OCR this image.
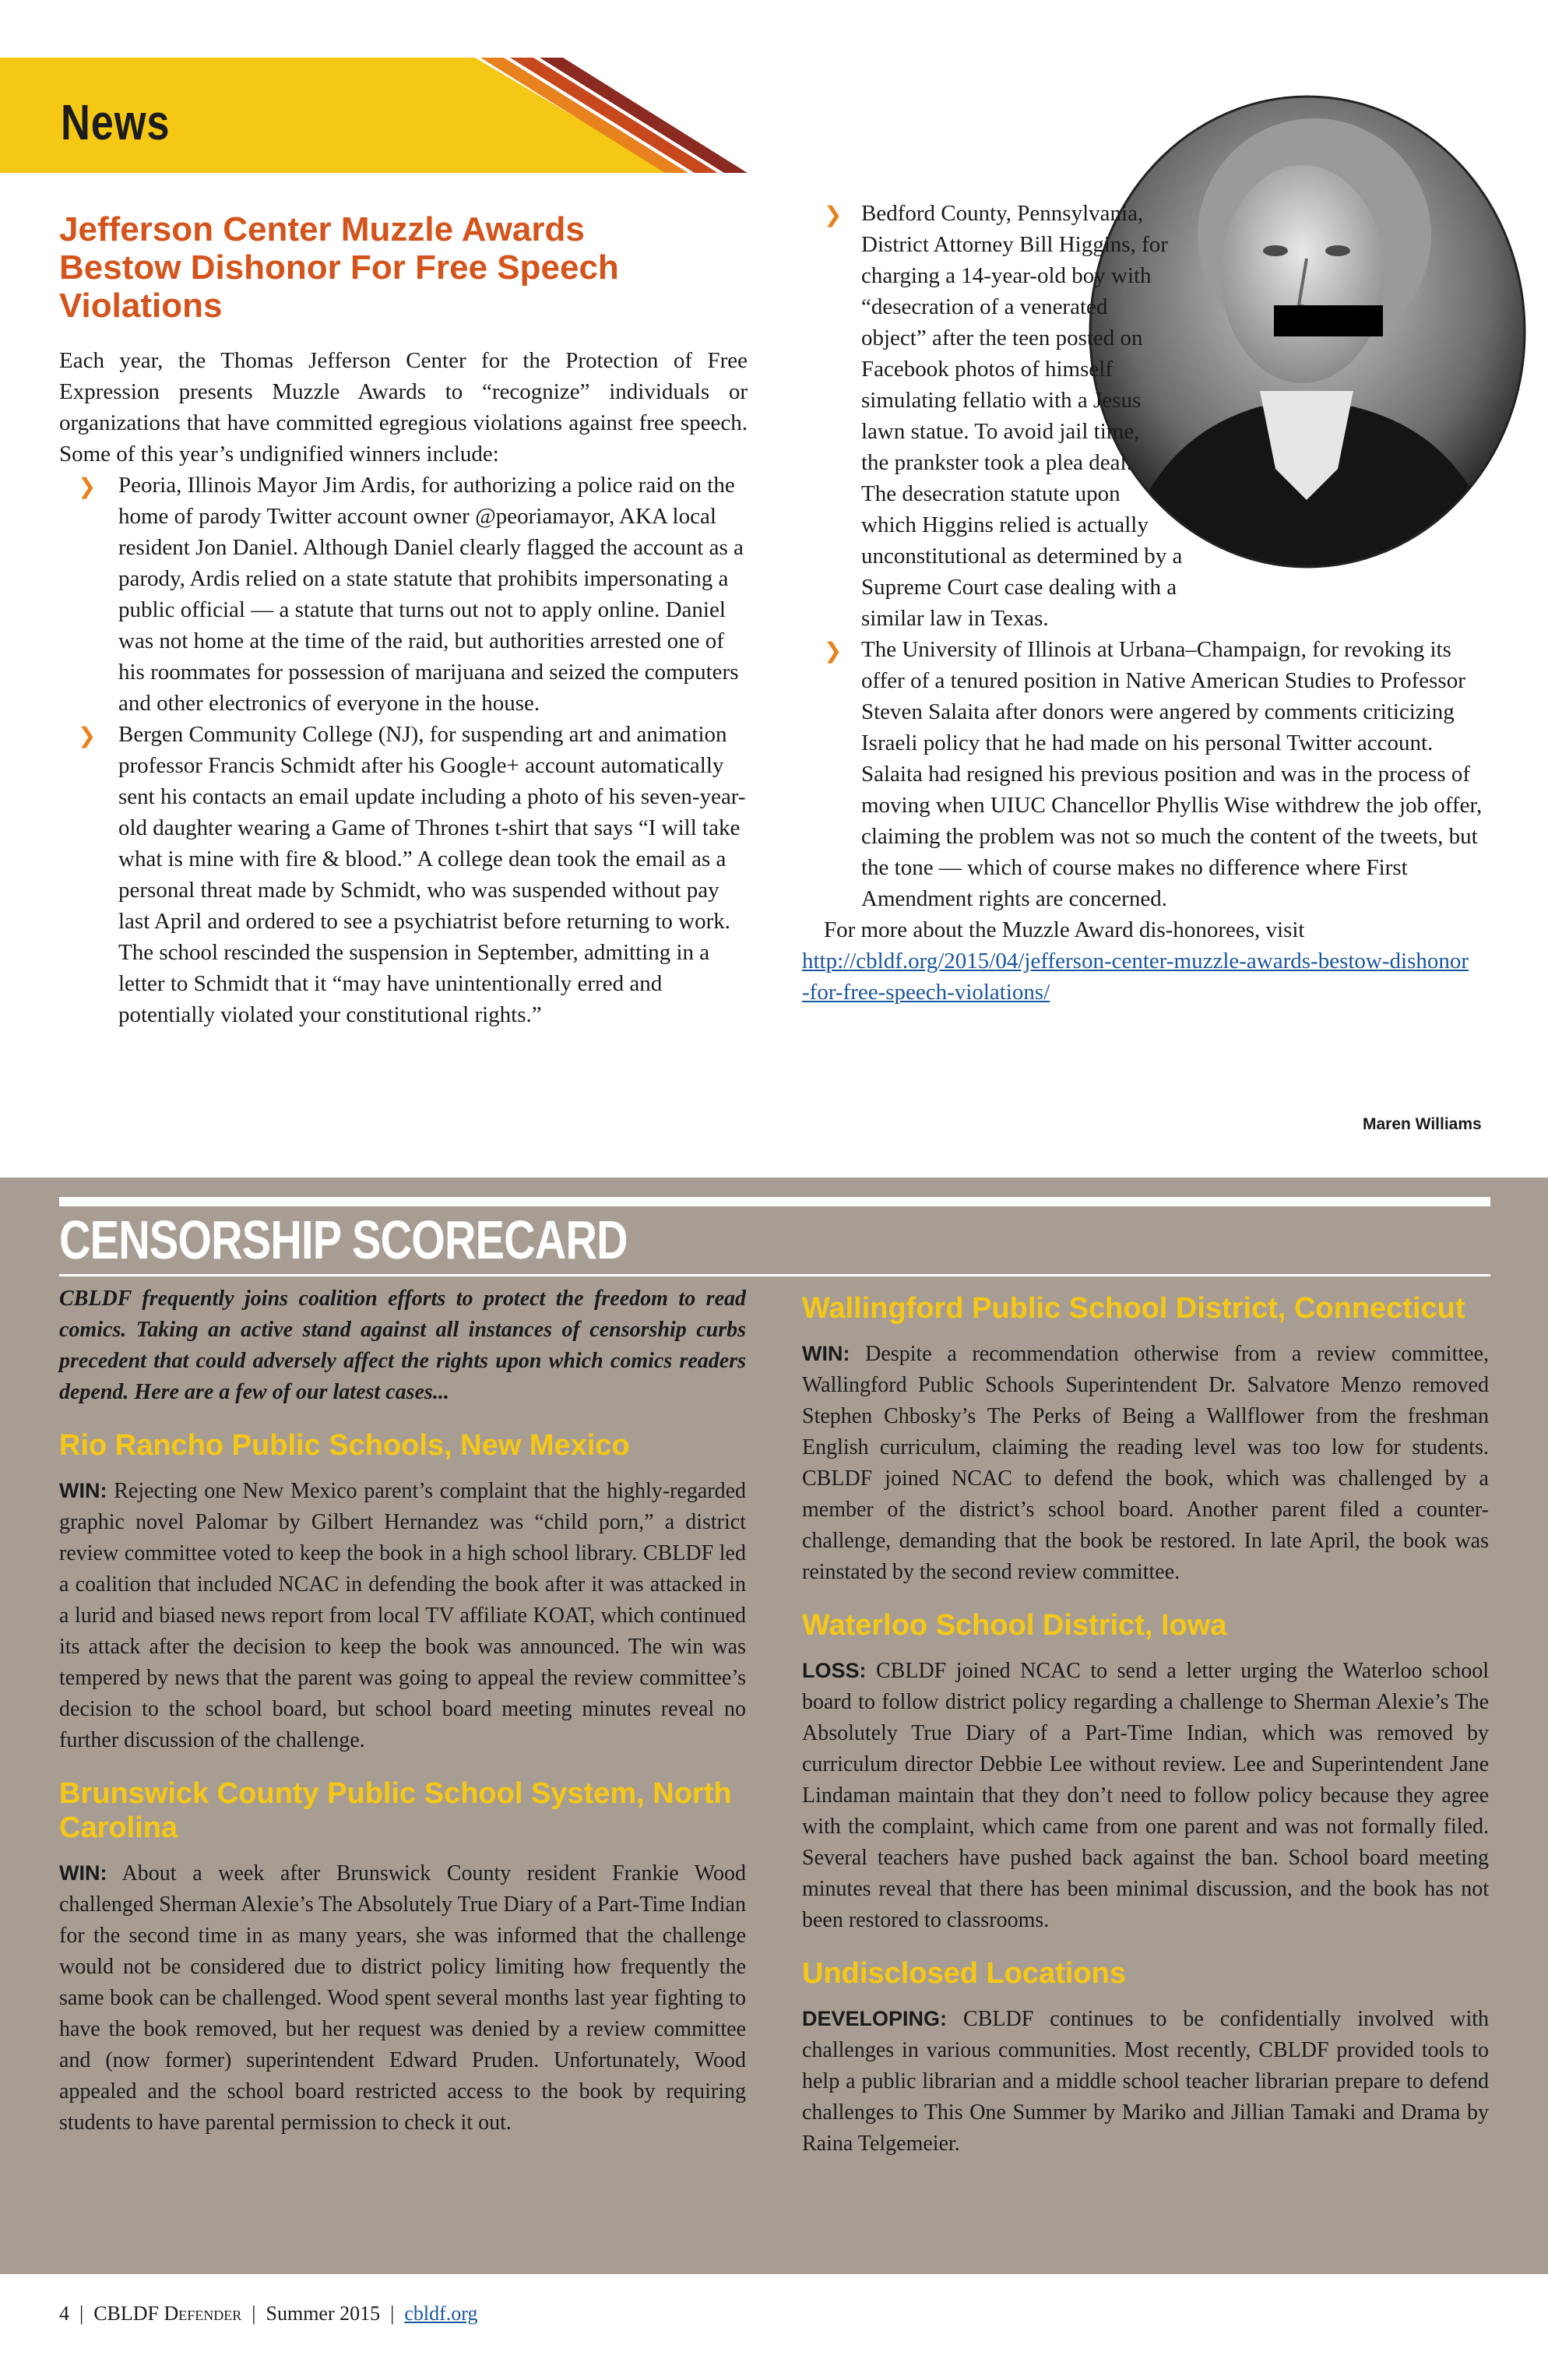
News
Jefferson Center Muzzle Awards Bestow Dishonor For Free Speech Violations
Each year, the Thomas Jefferson Center for the Protection of Free Expression presents Muzzle Awards to “recognize” individuals or organizations that have committed egregious violations against free speech. Some of this year’s undignified winners include:
❯ Peoria, Illinois Mayor Jim Ardis, for authorizing a police raid on the home of parody Twitter account owner @peoriamayor, AKA local resident Jon Daniel. Although Daniel clearly flagged the account as a parody, Ardis relied on a state statute that prohibits impersonating a public official — a statute that turns out not to apply online. Daniel was not home at the time of the raid, but authorities arrested one of his roommates for possession of marijuana and seized the computers and other electronics of everyone in the house.
❯ Bergen Community College (NJ), for suspending art and animation professor Francis Schmidt after his Google+ account automatically sent his contacts an email update including a photo of his seven-year-old daughter wearing a Game of Thrones t-shirt that says “I will take what is mine with fire & blood.” A college dean took the email as a personal threat made by Schmidt, who was suspended without pay last April and ordered to see a psychiatrist before returning to work. The school rescinded the suspension in September, admitting in a letter to Schmidt that it “may have unintentionally erred and potentially violated your constitutional rights.”
❯ Bedford County, Pennsylvania, District Attorney Bill Higgins, for charging a 14-year-old boy with “desecration of a venerated object” after the teen posted on Facebook photos of himself simulating fellatio with a Jesus lawn statue. To avoid jail time, the prankster took a plea deal. The desecration statute upon which Higgins relied is actually unconstitutional as determined by a Supreme Court case dealing with a similar law in Texas.
❯ The University of Illinois at Urbana–Champaign, for revoking its offer of a tenured position in Native American Studies to Professor Steven Salaita after donors were angered by comments criticizing Israeli policy that he had made on his personal Twitter account. Salaita had resigned his previous position and was in the process of moving when UIUC Chancellor Phyllis Wise withdrew the job offer, claiming the problem was not so much the content of the tweets, but the tone — which of course makes no difference where First Amendment rights are concerned.
For more about the Muzzle Award dis-honorees, visit
http://cbldf.org/2015/04/jefferson-center-muzzle-awards-bestow-dishonor-for-free-speech-violations/
Maren Williams
CENSORSHIP SCORECARD
CBLDF frequently joins coalition efforts to protect the freedom to read comics. Taking an active stand against all instances of censorship curbs precedent that could adversely affect the rights upon which comics readers depend. Here are a few of our latest cases...
Rio Rancho Public Schools, New Mexico
WIN: Rejecting one New Mexico parent’s complaint that the highly-regarded graphic novel Palomar by Gilbert Hernandez was “child porn,” a district review committee voted to keep the book in a high school library. CBLDF led a coalition that included NCAC in defending the book after it was attacked in a lurid and biased news report from local TV affiliate KOAT, which continued its attack after the decision to keep the book was announced. The win was tempered by news that the parent was going to appeal the review committee’s decision to the school board, but school board meeting minutes reveal no further discussion of the challenge.
Brunswick County Public School System, North Carolina
WIN: About a week after Brunswick County resident Frankie Wood challenged Sherman Alexie’s The Absolutely True Diary of a Part-Time Indian for the second time in as many years, she was informed that the challenge would not be considered due to district policy limiting how frequently the same book can be challenged. Wood spent several months last year fighting to have the book removed, but her request was denied by a review committee and (now former) superintendent Edward Pruden. Unfortunately, Wood appealed and the school board restricted access to the book by requiring students to have parental permission to check it out.
Wallingford Public School District, Connecticut
WIN: Despite a recommendation otherwise from a review committee, Wallingford Public Schools Superintendent Dr. Salvatore Menzo removed Stephen Chbosky’s The Perks of Being a Wallflower from the freshman English curriculum, claiming the reading level was too low for students. CBLDF joined NCAC to defend the book, which was challenged by a member of the district’s school board. Another parent filed a counter-challenge, demanding that the book be restored. In late April, the book was reinstated by the second review committee.
Waterloo School District, Iowa
LOSS: CBLDF joined NCAC to send a letter urging the Waterloo school board to follow district policy regarding a challenge to Sherman Alexie’s The Absolutely True Diary of a Part-Time Indian, which was removed by curriculum director Debbie Lee without review. Lee and Superintendent Jane Lindaman maintain that they don’t need to follow policy because they agree with the complaint, which came from one parent and was not formally filed. Several teachers have pushed back against the ban. School board meeting minutes reveal that there has been minimal discussion, and the book has not been restored to classrooms.
Undisclosed Locations
DEVELOPING: CBLDF continues to be confidentially involved with challenges in various communities. Most recently, CBLDF provided tools to help a public librarian and a middle school teacher librarian prepare to defend challenges to This One Summer by Mariko and Jillian Tamaki and Drama by Raina Telgemeier.
4  |  CBLDF Defender  |  Summer 2015  |  cbldf.org
